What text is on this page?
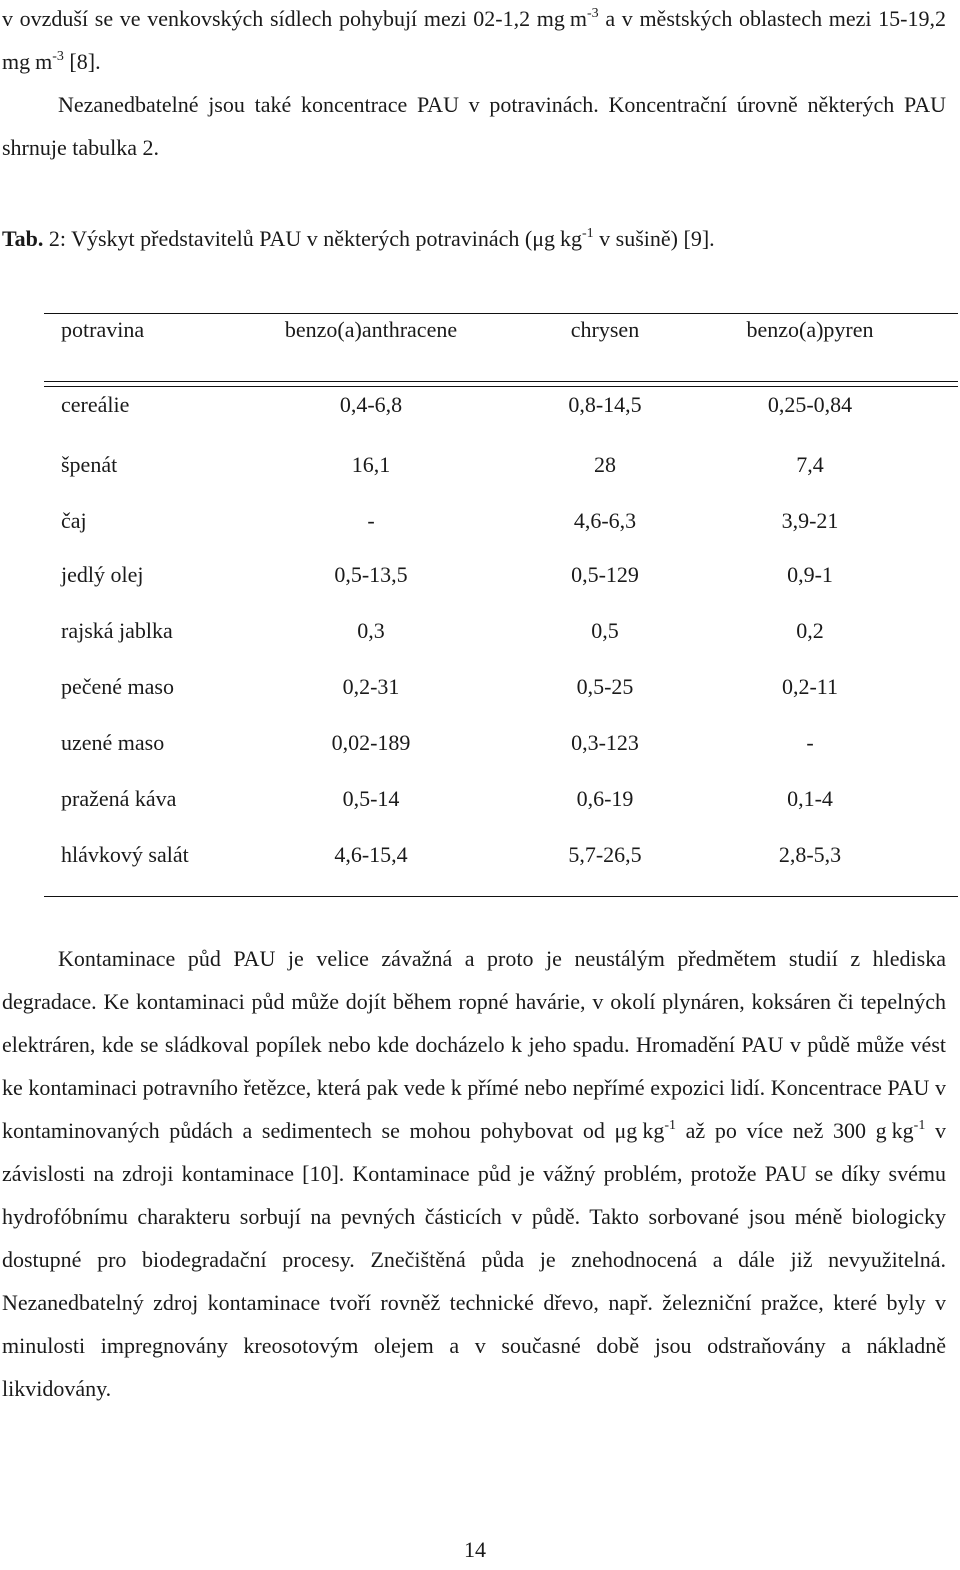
v ovzduší se ve venkovských sídlech pohybují mezi 02-1,2 mg $m^{-3}$ a v městských oblastech mezi 15-19,2 mg $m^{-3}$ [8].

Nezanedbatelné jsou také koncentrace PAU v potravinách. Koncentrační úrovně některých PAU shrnuje tabulka 2.

Tab. 2: Výskyt představitelů PAU v některých potravinách (μg $kg^{-1}$ v sušině) [9].

potravina	benzo(a)anthracene	chrysen	benzo(a)pyren
cereálie	0,4-6,8	0,8-14,5	0,25-0,84
špenát	16,1	28	7,4
čaj	-	4,6-6,3	3,9-21
jedlý olej	0,5-13,5	0,5-129	0,9-1
rajská jablka	0,3	0,5	0,2
pečené maso	0,2-31	0,5-25	0,2-11
uzené maso	0,02-189	0,3-123	-
pražená káva	0,5-14	0,6-19	0,1-4
hlávkový salát	4,6-15,4	5,7-26,5	2,8-5,3

Kontaminace půd PAU je velice závažná a proto je neustálým předmětem studií z hlediska degradace. Ke kontaminaci půd může dojít během ropné havárie, v okolí plynáren, koksáren či tepelných elektráren, kde se sládkoval popílek nebo kde docházelo k jeho spadu. Hromadění PAU v půdě může vést ke kontaminaci potravního řetězce, která pak vede k přímé nebo nepřímé expozici lidí. Koncentrace PAU v kontaminovaných půdách a sedimentech se mohou pohybovat od μg $kg^{-1}$ až po více než 300 g $kg^{-1}$ v závislosti na zdroji kontaminace [10]. Kontaminace půd je vážný problém, protože PAU se díky svému hydrofóbnímu charakteru sorbují na pevných částicích v půdě. Takto sorbované jsou méně biologicky dostupné pro biodegradační procesy. Znečištěná půda je znehodnocená a dále již nevyužitelná. Nezanedbatelný zdroj kontaminace tvoří rovněž technické dřevo, např. železniční pražce, které byly v minulosti impregnovány kreosotovým olejem a v současné době jsou odstraňovány a nákladně likvidovány.

14
